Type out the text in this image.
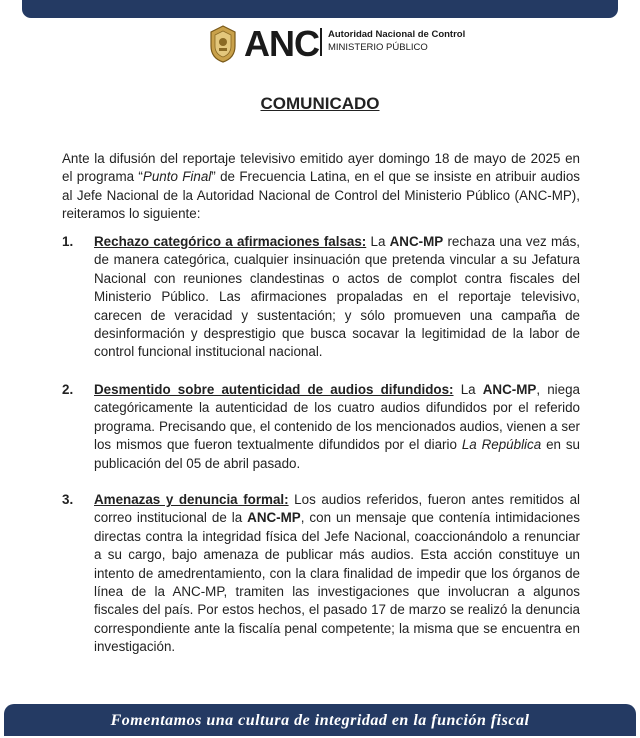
ANC Autoridad Nacional de Control
MINISTERIO PÚBLICO
COMUNICADO
Ante la difusión del reportaje televisivo emitido ayer domingo 18 de mayo de 2025 en el programa “Punto Final” de Frecuencia Latina, en el que se insiste en atribuir audios al Jefe Nacional de la Autoridad Nacional de Control del Ministerio Público (ANC-MP), reiteramos lo siguiente:
1.	Rechazo categórico a afirmaciones falsas: La ANC-MP rechaza una vez más, de manera categórica, cualquier insinuación que pretenda vincular a su Jefatura Nacional con reuniones clandestinas o actos de complot contra fiscales del Ministerio Público. Las afirmaciones propaladas en el reportaje televisivo, carecen de veracidad y sustentación; y sólo promueven una campaña de desinformación y desprestigio que busca socavar la legitimidad de la labor de control funcional institucional nacional.
2.	Desmentido sobre autenticidad de audios difundidos: La ANC-MP, niega categóricamente la autenticidad de los cuatro audios difundidos por el referido programa. Precisando que, el contenido de los mencionados audios, vienen a ser los mismos que fueron textualmente difundidos por el diario La República en su publicación del 05 de abril pasado.
3.	Amenazas y denuncia formal: Los audios referidos, fueron antes remitidos al correo institucional de la ANC-MP, con un mensaje que contenía intimidaciones directas contra la integridad física del Jefe Nacional, coaccionándolo a renunciar a su cargo, bajo amenaza de publicar más audios. Esta acción constituye un intento de amedrentamiento, con la clara finalidad de impedir que los órganos de línea de la ANC-MP, tramiten las investigaciones que involucran a algunos fiscales del país. Por estos hechos, el pasado 17 de marzo se realizó la denuncia correspondiente ante la fiscalía penal competente; la misma que se encuentra en investigación.
Fomentamos una cultura de integridad en la función fiscal
